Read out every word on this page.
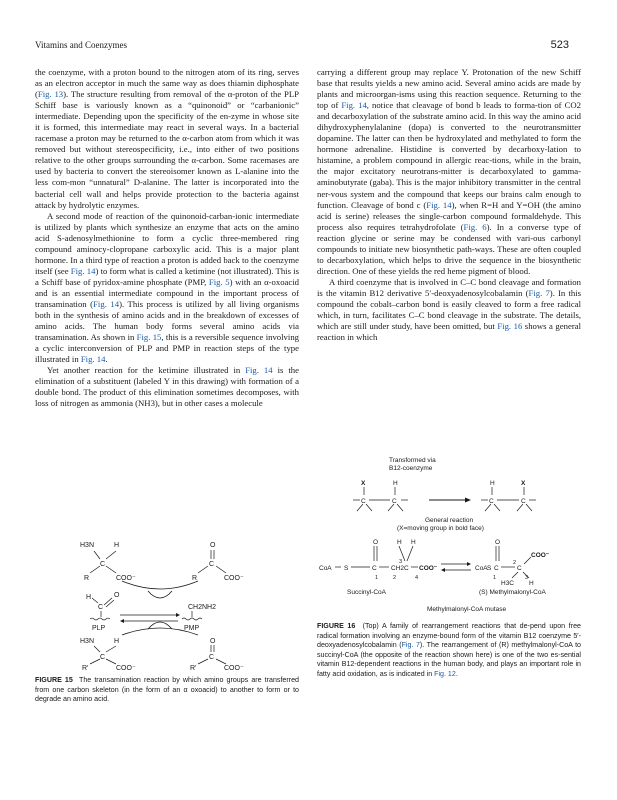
Vitamins and Coenzymes	523

the coenzyme, with a proton bound to the nitrogen atom of its ring, serves as an electron acceptor in much the same way as does thiamin diphosphate (Fig. 13). The structure resulting from removal of the α-proton of the PLP Schiff base is variously known as a “quinonoid” or “carbanionic” intermediate. Depending upon the specificity of the en-zyme in whose site it is formed, this intermediate may react in several ways. In a bacterial racemase a proton may be returned to the α-carbon atom from which it was removed but without stereospecificity, i.e., into either of two positions relative to the other groups surrounding the α-carbon. Some racemases are used by bacteria to convert the stereoisomer known as L-alanine into the less com-mon “unnatural” D-alanine. The latter is incorporated into the bacterial cell wall and helps provide protection to the bacteria against attack by hydrolytic enzymes.

A second mode of reaction of the quinonoid-carban-ionic intermediate is utilized by plants which synthesize an enzyme that acts on the amino acid S-adenosylmethionine to form a cyclic three-membered ring compound aminocy-clopropane carboxylic acid. This is a major plant hormone. In a third type of reaction a proton is added back to the coenzyme itself (see Fig. 14) to form what is called a ketimine (not illustrated). This is a Schiff base of pyridox-amine phosphate (PMP, Fig. 5) with an α-oxoacid and is an essential intermediate compound in the important process of transamination (Fig. 14). This process is utilized by all living organisms both in the synthesis of amino acids and in the breakdown of excesses of amino acids. The human body forms several amino acids via transamination. As shown in Fig. 15, this is a reversible sequence involving a cyclic interconversion of PLP and PMP in reaction steps of the type illustrated in Fig. 14.

Yet another reaction for the ketimine illustrated in Fig. 14 is the elimination of a substituent (labeled Y in this drawing) with formation of a double bond. The product of this elimination sometimes decomposes, with loss of nitrogen as ammonia (NH3), but in other cases a molecule

carrying a different group may replace Y. Protonation of the new Schiff base that results yields a new amino acid. Several amino acids are made by plants and microorgan-isms using this reaction sequence. Returning to the top of Fig. 14, notice that cleavage of bond b leads to forma-tion of CO2 and decarboxylation of the substrate amino acid. In this way the amino acid dihydroxyphenylalanine (dopa) is converted to the neurotransmitter dopamine. The latter can then be hydroxylated and methylated to form the hormone adrenaline. Histidine is converted by decarboxy-lation to histamine, a problem compound in allergic reac-tions, while in the brain, the major excitatory neurotrans-mitter is decarboxylated to gamma-aminobutyrate (gaba). This is the major inhibitory transmitter in the central ner-vous system and the compound that keeps our brains calm enough to function. Cleavage of bond c (Fig. 14), when R=H and Y=OH (the amino acid is serine) releases the single-carbon compound formaldehyde. This process also requires tetrahydrofolate (Fig. 6). In a converse type of reaction glycine or serine may be condensed with vari-ous carbonyl compounds to initiate new biosynthetic path-ways. These are often coupled to decarboxylation, which helps to drive the sequence in the biosynthetic direction. One of these yields the red heme pigment of blood.

A third coenzyme that is involved in C–C bond cleavage and formation is the vitamin B12 derivative 5′-deoxyadenosylcobalamin (Fig. 7). In this compound the cobalt–carbon bond is easily cleaved to form a free radical which, in turn, facilitates C–C bond cleavage in the substrate. The details, which are still under study, have been omitted, but Fig. 16 shows a general reaction in which

H3N	H
C
R	COO⁻
O
C
R	COO⁻
H
C
O
PLP
CH2NH2
PMP
H3N	H
C
R′	COO⁻
O
C
R′	COO⁻
FIGURE 15 The transamination reaction by which amino groups are transferred from one carbon skeleton (in the form of an α oxoacid) to another to form or to degrade an amino acid.
Transformed via
B12-coenzyme
X	H
C	C
H	X
C	C
General reaction
(X=moving group in bold face)
O	H H
CoA S	C CH2 C COO⁻
1	2
3
4
Succinyl-CoA
O
CoA S C	C
COO⁻
H3C H
1
2
3
(S) Methylmalonyl-CoA
Methylmalonyl-CoA mutase
FIGURE 16 (Top) A family of rearrangement reactions that de-pend upon free radical formation involving an enzyme-bound form of the vitamin B12 coenzyme 5′-deoxyadenosylcobalamin (Fig. 7). The rearrangement of (R) methylmalonyl-CoA to succinyl-CoA (the opposite of the reaction shown here) is one of the two es-sential vitamin B12-dependent reactions in the human body, and plays an important role in fatty acid oxidation, as is indicated in Fig. 12.
